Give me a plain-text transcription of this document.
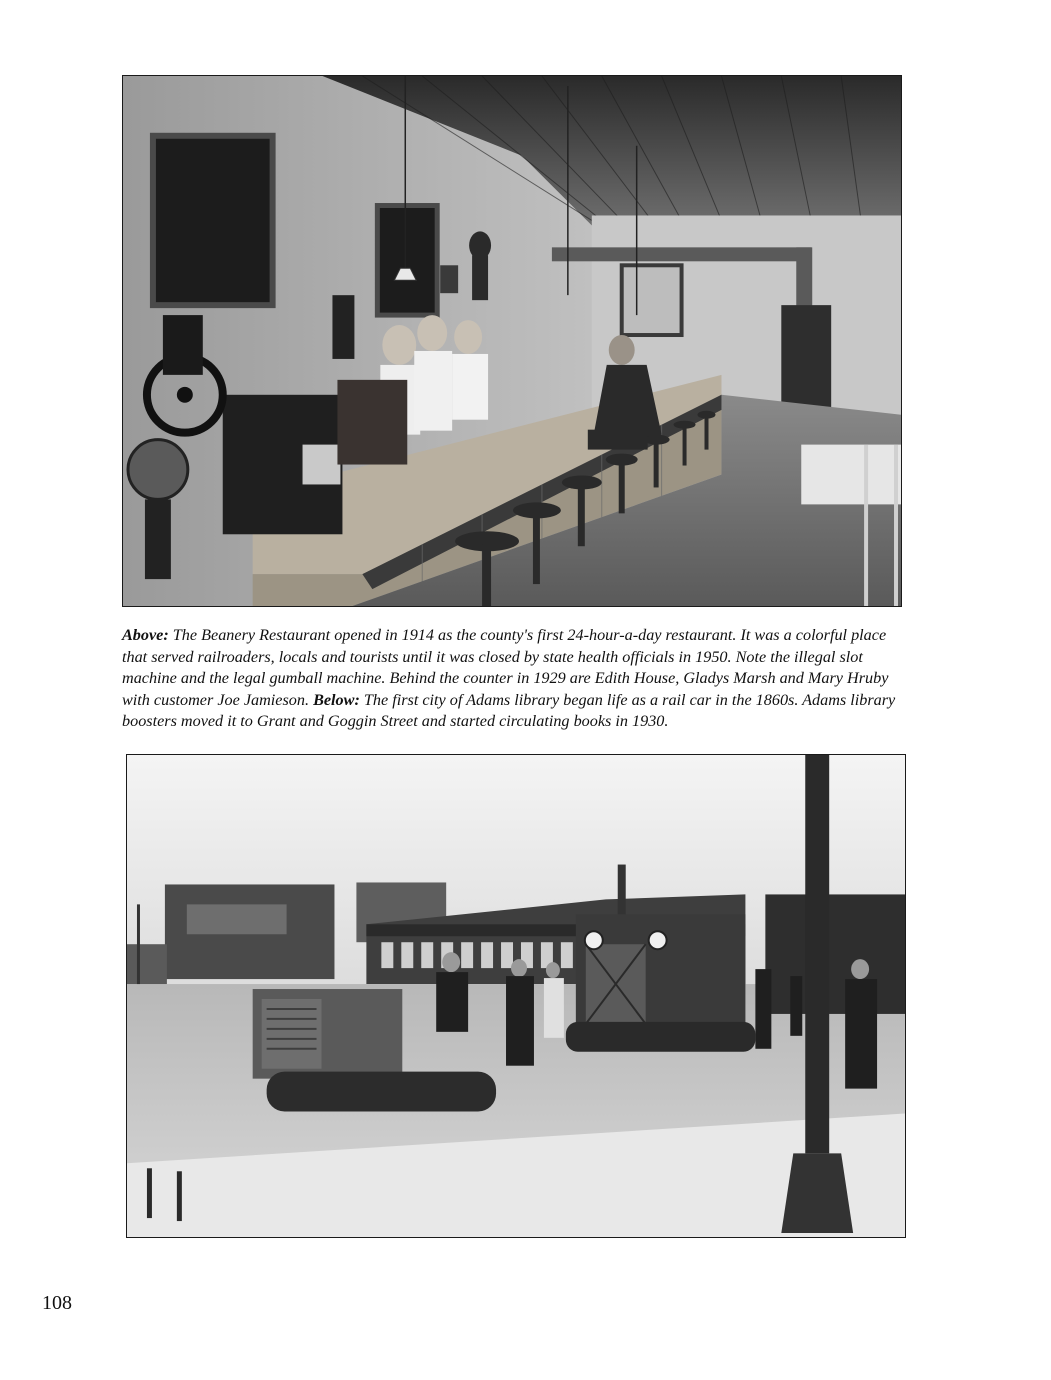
Above: The Beanery Restaurant opened in 1914 as the county's first 24-hour-a-day restaurant. It was a colorful place that served railroaders, locals and tourists until it was closed by state health officials in 1950. Note the illegal slot machine and the legal gumball machine. Behind the counter in 1929 are Edith House, Gladys Marsh and Mary Hruby with customer Joe Jamieson. Below: The first city of Adams library began life as a rail car in the 1860s. Adams library boosters moved it to Grant and Goggin Street and started circulating books in 1930.

108
